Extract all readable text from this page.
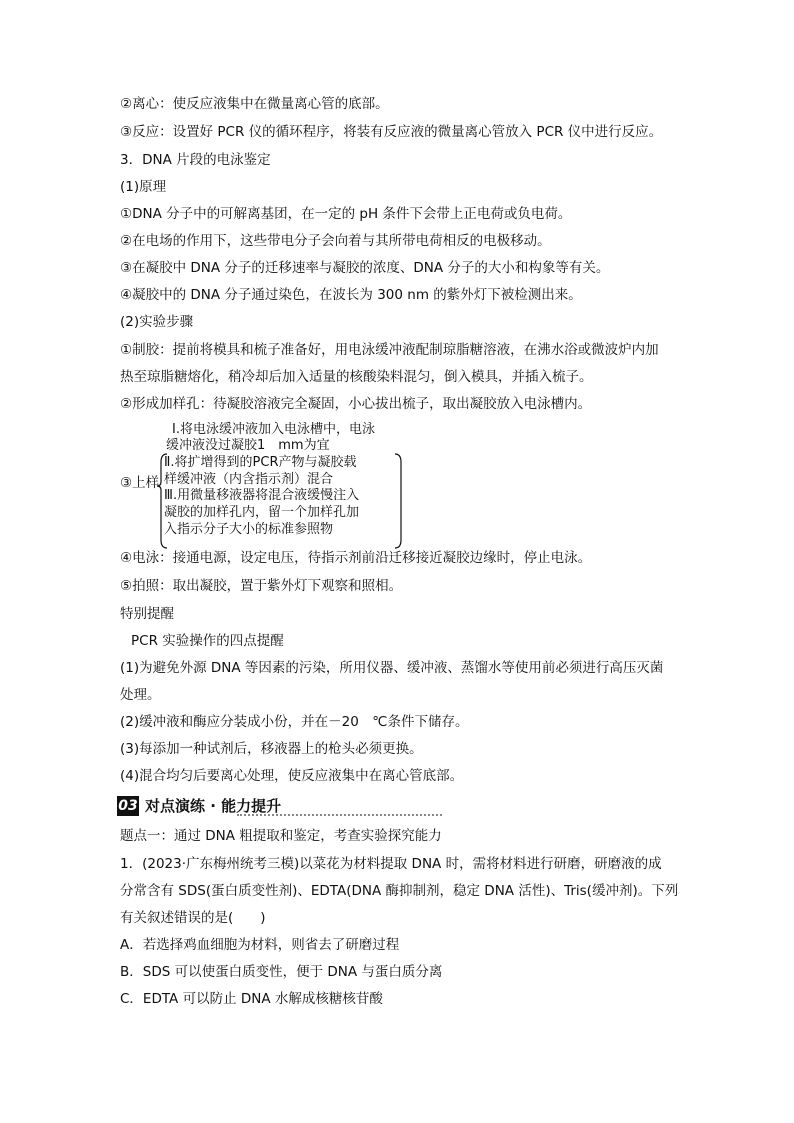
②离心：使反应液集中在微量离心管的底部。
③反应：设置好 PCR 仪的循环程序，将装有反应液的微量离心管放入 PCR 仪中进行反应。
3．DNA 片段的电泳鉴定
(1)原理
①DNA 分子中的可解离基团，在一定的 pH 条件下会带上正电荷或负电荷。
②在电场的作用下，这些带电分子会向着与其所带电荷相反的电极移动。
③在凝胶中 DNA 分子的迁移速率与凝胶的浓度、DNA 分子的大小和构象等有关。
④凝胶中的 DNA 分子通过染色，在波长为 300 nm 的紫外灯下被检测出来。
(2)实验步骤
①制胶：提前将模具和梳子准备好，用电泳缓冲液配制琼脂糖溶液，在沸水浴或微波炉内加
热至琼脂糖熔化，稍冷却后加入适量的核酸染料混匀，倒入模具，并插入梳子。
②形成加样孔：待凝胶溶液完全凝固，小心拔出梳子，取出凝胶放入电泳槽内。
③上样
Ⅰ.将电泳缓冲液加入电泳槽中，电泳
缓冲液没过凝胶1　mm为宜
Ⅱ.将扩增得到的PCR产物与凝胶载
样缓冲液（内含指示剂）混合
Ⅲ.用微量移液器将混合液缓慢注入
凝胶的加样孔内，留一个加样孔加
入指示分子大小的标准参照物
④电泳：接通电源，设定电压，待指示剂前沿迁移接近凝胶边缘时，停止电泳。
⑤拍照：取出凝胶，置于紫外灯下观察和照相。
特别提醒
PCR 实验操作的四点提醒
(1)为避免外源 DNA 等因素的污染，所用仪器、缓冲液、蒸馏水等使用前必须进行高压灭菌
处理。
(2)缓冲液和酶应分装成小份，并在－20　℃条件下储存。
(3)每添加一种试剂后，移液器上的枪头必须更换。
(4)混合均匀后要离心处理，使反应液集中在离心管底部。
03 对点演练 · 能力提升
题点一：通过 DNA 粗提取和鉴定，考查实验探究能力
1．(2023·广东梅州统考三模)以菜花为材料提取 DNA 时，需将材料进行研磨，研磨液的成
分常含有 SDS(蛋白质变性剂)、EDTA(DNA 酶抑制剂，稳定 DNA 活性)、Tris(缓冲剂)。下列
有关叙述错误的是(　　)
A．若选择鸡血细胞为材料，则省去了研磨过程
B．SDS 可以使蛋白质变性，便于 DNA 与蛋白质分离
C．EDTA 可以防止 DNA 水解成核糖核苷酸
